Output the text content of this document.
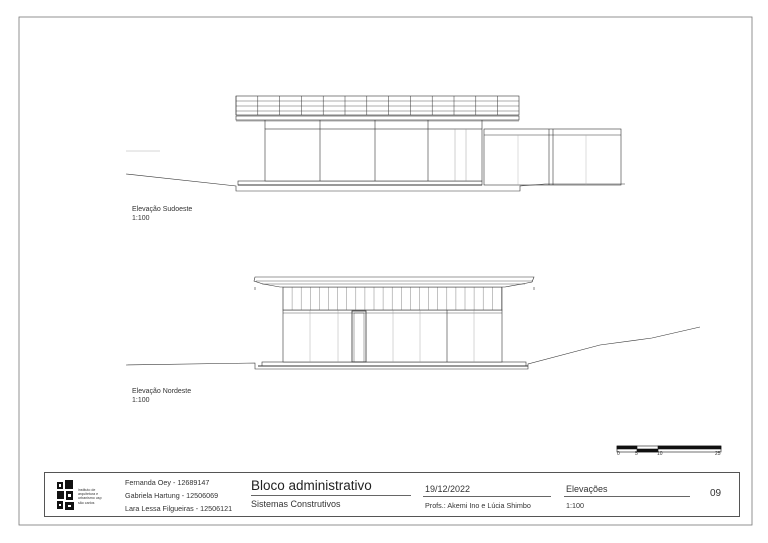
Elevação Sudoeste
1:100
Elevação Nordeste
1:100
0	5	10	25
instituto de arquitetura e urbanismo usp são carlos
Fernanda Oey - 12689147
Gabriela Hartung - 12506069
Lara Lessa Filgueiras - 12506121
Bloco administrativo
Sistemas Construtivos
19/12/2022
Profs.: Akemi Ino e Lúcia Shimbo
Elevações
1:100
09
